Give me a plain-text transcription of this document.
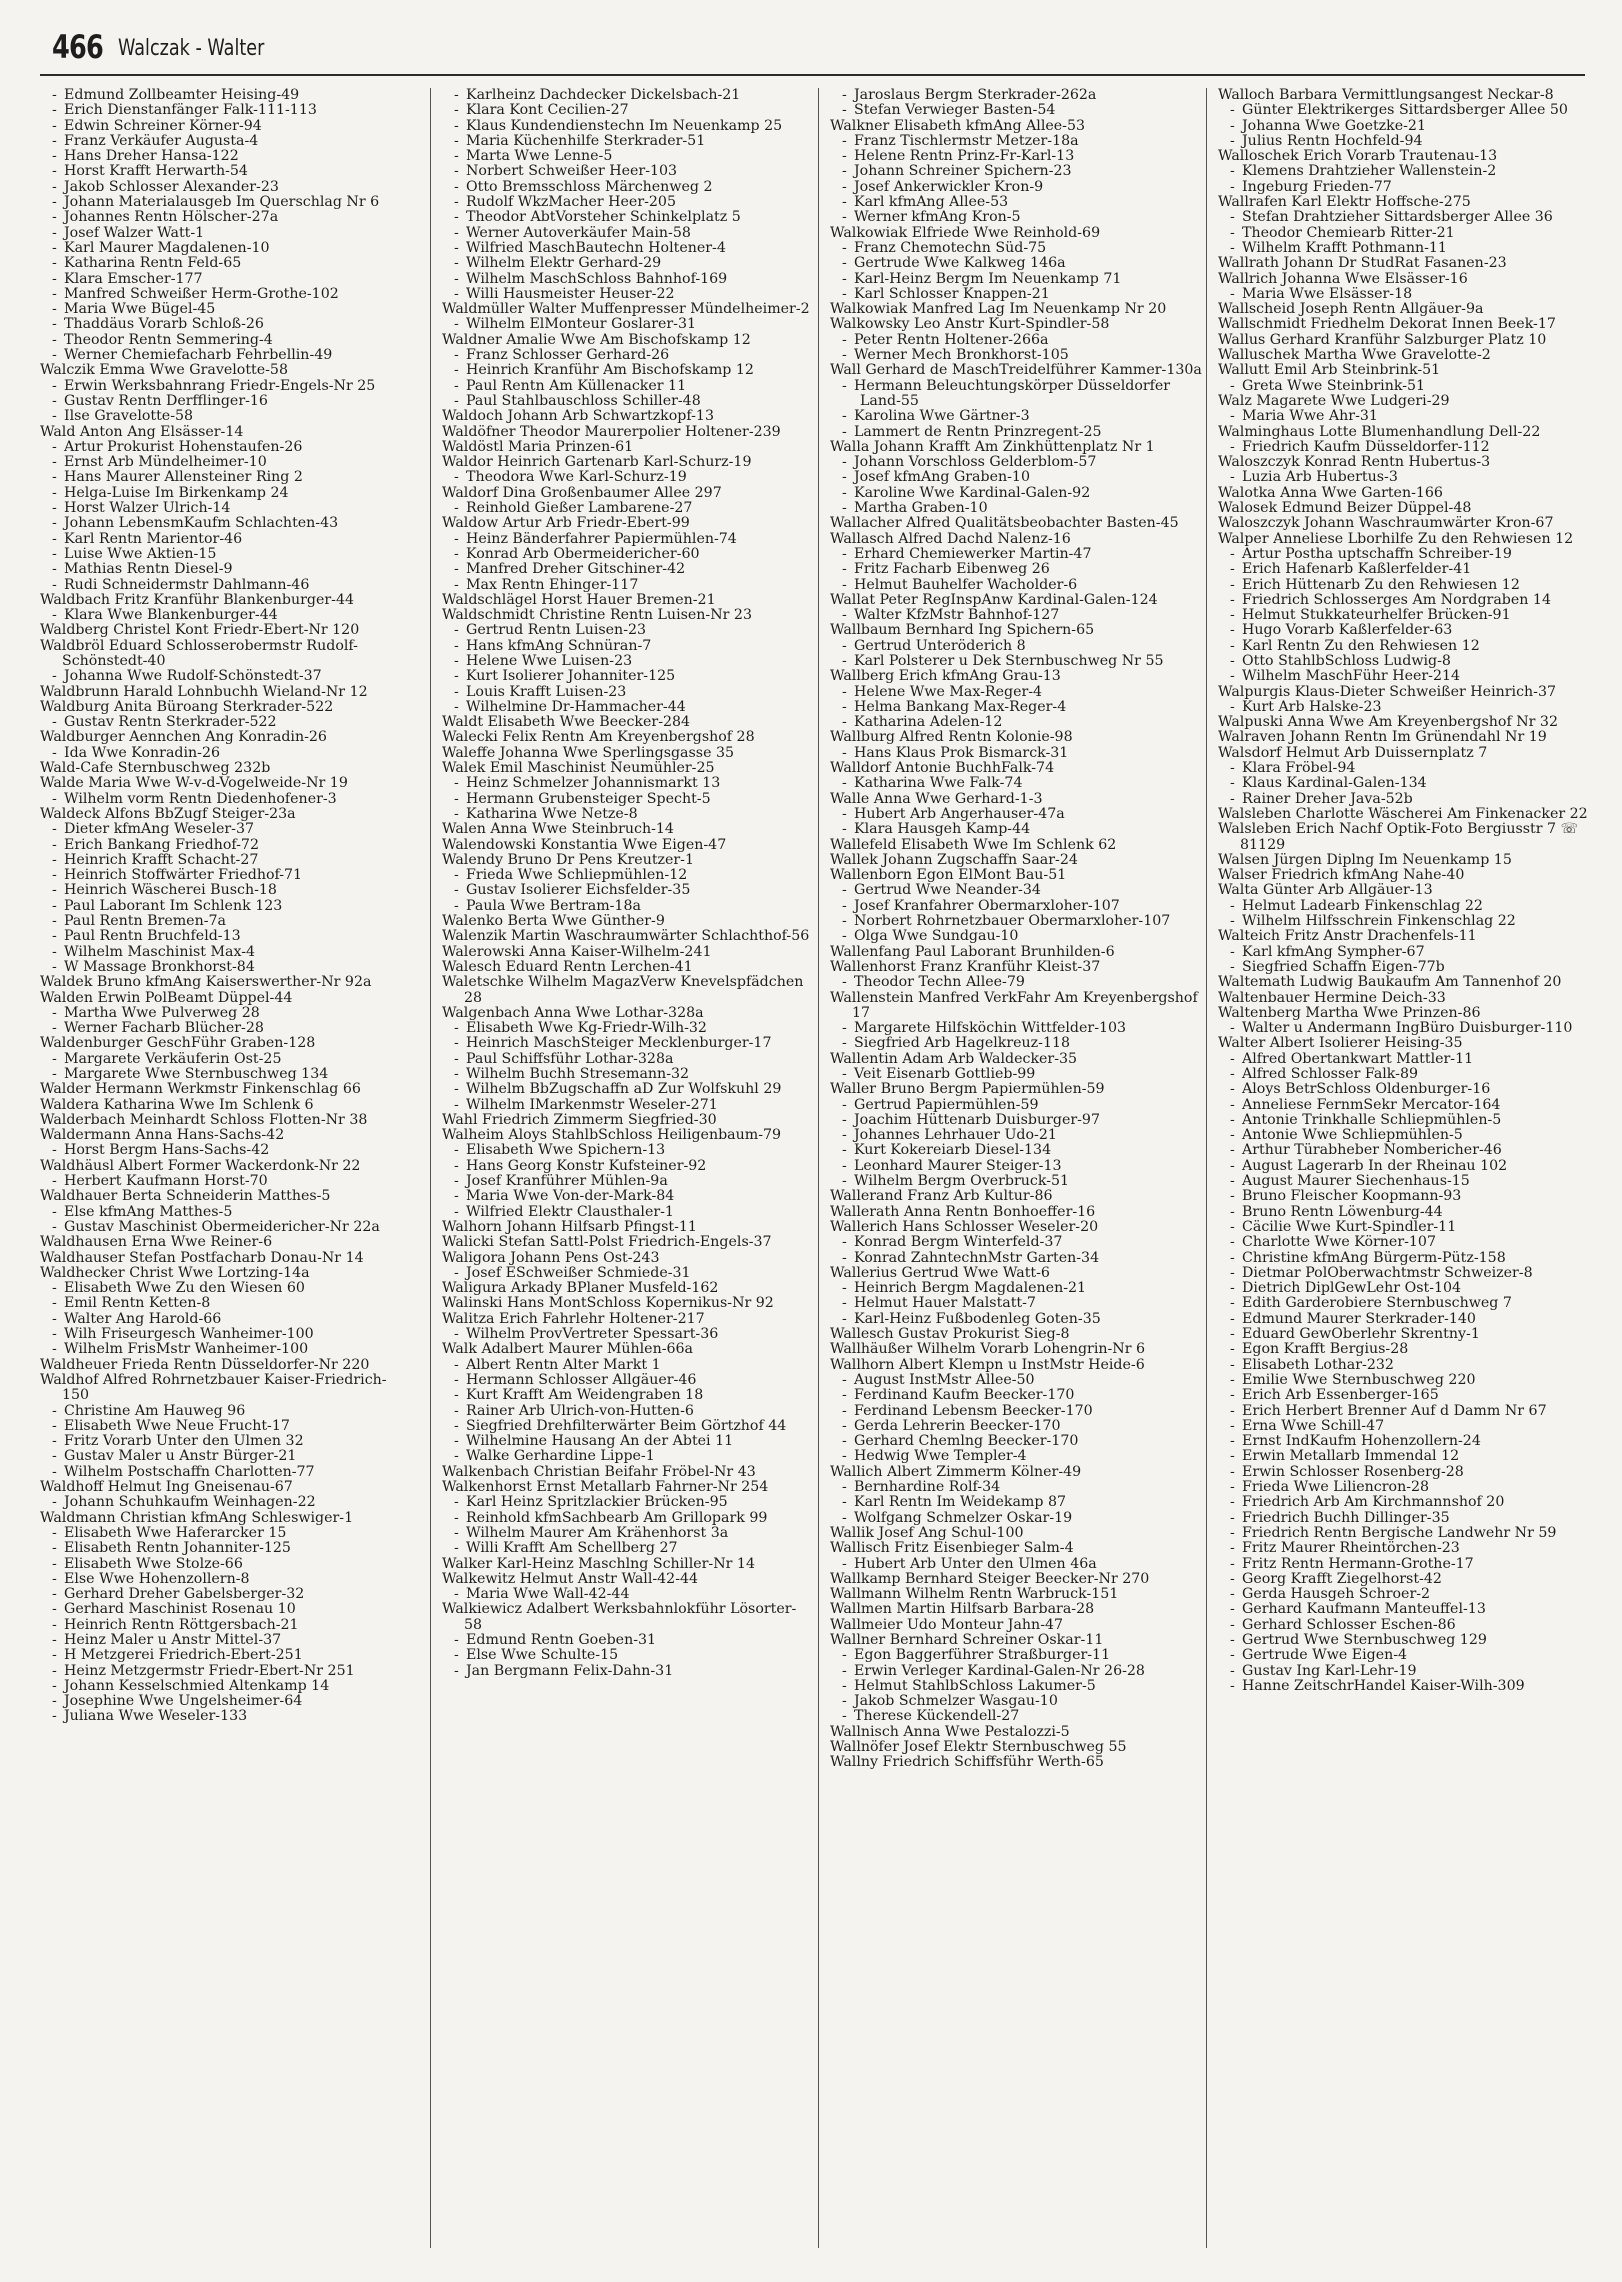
466 Walczak - Walter

- Edmund Zollbeamter Heising-49

- Erich Dienstanfänger Falk-111-113

- Edwin Schreiner Körner-94

- Franz Verkäufer Augusta-4

- Hans Dreher Hansa-122

- Horst Krafft Herwarth-54

- Jakob Schlosser Alexander-23

- Johann Materialausgeb Im Querschlag Nr 6

- Johannes Rentn Hölscher-27a

- Josef Walzer Watt-1

- Karl Maurer Magdalenen-10

- Katharina Rentn Feld-65

- Klara Emscher-177

- Manfred Schweißer Herm-Grothe-102

- Maria Wwe Bügel-45

- Thaddäus Vorarb Schloß-26

- Theodor Rentn Semmering-4

- Werner Chemiefacharb Fehrbellin-49

Walczik Emma Wwe Gravelotte-58

- Erwin Werksbahnrang Friedr-Engels-Nr 25

- Gustav Rentn Derfflinger-16

- Ilse Gravelotte-58

Wald Anton Ang Elsässer-14

- Artur Prokurist Hohenstaufen-26

- Ernst Arb Mündelheimer-10

- Hans Maurer Allensteiner Ring 2

- Helga-Luise Im Birkenkamp 24

- Horst Walzer Ulrich-14

- Johann LebensmKaufm Schlachten-43

- Karl Rentn Marientor-46

- Luise Wwe Aktien-15

- Mathias Rentn Diesel-9

- Rudi Schneidermstr Dahlmann-46

Waldbach Fritz Kranführ Blankenburger-44

- Klara Wwe Blankenburger-44

Waldberg Christel Kont Friedr-Ebert-Nr 120

Waldbröl Eduard Schlosserobermstr Rudolf-Schönstedt-40

- Johanna Wwe Rudolf-Schönstedt-37

Waldbrunn Harald Lohnbuchh Wieland-Nr 12

Waldburg Anita Büroang Sterkrader-522

- Gustav Rentn Sterkrader-522

Waldburger Aennchen Ang Konradin-26

- Ida Wwe Konradin-26

Wald-Cafe Sternbuschweg 232b

Walde Maria Wwe W-v-d-Vogelweide-Nr 19

- Wilhelm vorm Rentn Diedenhofener-3

Waldeck Alfons BbZugf Steiger-23a

- Dieter kfmAng Weseler-37

- Erich Bankang Friedhof-72

- Heinrich Krafft Schacht-27

- Heinrich Stoffwärter Friedhof-71

- Heinrich Wäscherei Busch-18

- Paul Laborant Im Schlenk 123

- Paul Rentn Bremen-7a

- Paul Rentn Bruchfeld-13

- Wilhelm Maschinist Max-4

- W Massage Bronkhorst-84

Waldek Bruno kfmAng Kaiserswerther-Nr 92a

Walden Erwin PolBeamt Düppel-44

- Martha Wwe Pulverweg 28

- Werner Facharb Blücher-28

Waldenburger GeschFühr Graben-128

- Margarete Verkäuferin Ost-25

- Margarete Wwe Sternbuschweg 134

Walder Hermann Werkmstr Finkenschlag 66

Waldera Katharina Wwe Im Schlenk 6

Walderbach Meinhardt Schloss Flotten-Nr 38

Waldermann Anna Hans-Sachs-42

- Horst Bergm Hans-Sachs-42

Waldhäusl Albert Former Wackerdonk-Nr 22

- Herbert Kaufmann Horst-70

Waldhauer Berta Schneiderin Matthes-5

- Else kfmAng Matthes-5

- Gustav Maschinist Obermeidericher-Nr 22a

Waldhausen Erna Wwe Reiner-6

Waldhauser Stefan Postfacharb Donau-Nr 14

Waldhecker Christ Wwe Lortzing-14a

- Elisabeth Wwe Zu den Wiesen 60

- Emil Rentn Ketten-8

- Walter Ang Harold-66

- Wilh Friseurgesch Wanheimer-100

- Wilhelm FrisMstr Wanheimer-100

Waldheuer Frieda Rentn Düsseldorfer-Nr 220

Waldhof Alfred Rohrnetzbauer Kaiser-Friedrich-150

- Christine Am Hauweg 96

- Elisabeth Wwe Neue Frucht-17

- Fritz Vorarb Unter den Ulmen 32

- Gustav Maler u Anstr Bürger-21

- Wilhelm Postschaffn Charlotten-77

Waldhoff Helmut Ing Gneisenau-67

- Johann Schuhkaufm Weinhagen-22

Waldmann Christian kfmAng Schleswiger-1

- Elisabeth Wwe Haferarcker 15

- Elisabeth Rentn Johanniter-125

- Elisabeth Wwe Stolze-66

- Else Wwe Hohenzollern-8

- Gerhard Dreher Gabelsberger-32

- Gerhard Maschinist Rosenau 10

- Heinrich Rentn Röttgersbach-21

- Heinz Maler u Anstr Mittel-37

- H Metzgerei Friedrich-Ebert-251

- Heinz Metzgermstr Friedr-Ebert-Nr 251

- Johann Kesselschmied Altenkamp 14

- Josephine Wwe Ungelsheimer-64

- Juliana Wwe Weseler-133

- Karlheinz Dachdecker Dickelsbach-21

- Klara Kont Cecilien-27

- Klaus Kundendienstechn Im Neuenkamp 25

- Maria Küchenhilfe Sterkrader-51

- Marta Wwe Lenne-5

- Norbert Schweißer Heer-103

- Otto Bremsschloss Märchenweg 2

- Rudolf WkzMacher Heer-205

- Theodor AbtVorsteher Schinkelplatz 5

- Werner Autoverkäufer Main-58

- Wilfried MaschBautechn Holtener-4

- Wilhelm Elektr Gerhard-29

- Wilhelm MaschSchloss Bahnhof-169

- Willi Hausmeister Heuser-22

Waldmüller Walter Muffenpresser Mündelheimer-2

- Wilhelm ElMonteur Goslarer-31

Waldner Amalie Wwe Am Bischofskamp 12

- Franz Schlosser Gerhard-26

- Heinrich Kranführ Am Bischofskamp 12

- Paul Rentn Am Küllenacker 11

- Paul Stahlbauschloss Schiller-48

Waldoch Johann Arb Schwartzkopf-13

Waldöfner Theodor Maurerpolier Holtener-239

Waldöstl Maria Prinzen-61

Waldor Heinrich Gartenarb Karl-Schurz-19

- Theodora Wwe Karl-Schurz-19

Waldorf Dina Großenbaumer Allee 297

- Reinhold Gießer Lambarene-27

Waldow Artur Arb Friedr-Ebert-99

- Heinz Bänderfahrer Papiermühlen-74

- Konrad Arb Obermeidericher-60

- Manfred Dreher Gitschiner-42

- Max Rentn Ehinger-117

Waldschlägel Horst Hauer Bremen-21

Waldschmidt Christine Rentn Luisen-Nr 23

- Gertrud Rentn Luisen-23

- Hans kfmAng Schnüran-7

- Helene Wwe Luisen-23

- Kurt Isolierer Johanniter-125

- Louis Krafft Luisen-23

- Wilhelmine Dr-Hammacher-44

Waldt Elisabeth Wwe Beecker-284

Walecki Felix Rentn Am Kreyenbergshof 28

Waleffe Johanna Wwe Sperlingsgasse 35

Walek Emil Maschinist Neumühler-25

- Heinz Schmelzer Johannismarkt 13

- Hermann Grubensteiger Specht-5

- Katharina Wwe Netze-8

Walen Anna Wwe Steinbruch-14

Walendowski Konstantia Wwe Eigen-47

Walendy Bruno Dr Pens Kreutzer-1

- Frieda Wwe Schliepmühlen-12

- Gustav Isolierer Eichsfelder-35

- Paula Wwe Bertram-18a

Walenko Berta Wwe Günther-9

Walenzik Martin Waschraumwärter Schlachthof-56

Walerowski Anna Kaiser-Wilhelm-241

Walesch Eduard Rentn Lerchen-41

Waletschke Wilhelm MagazVerw Knevelspfädchen 28

Walgenbach Anna Wwe Lothar-328a

- Elisabeth Wwe Kg-Friedr-Wilh-32

- Heinrich MaschSteiger Mecklenburger-17

- Paul Schiffsführ Lothar-328a

- Wilhelm Buchh Stresemann-32

- Wilhelm BbZugschaffn aD Zur Wolfskuhl 29

- Wilhelm IMarkenmstr Weseler-271

Wahl Friedrich Zimmerm Siegfried-30

Walheim Aloys StahlbSchloss Heiligenbaum-79

- Elisabeth Wwe Spichern-13

- Hans Georg Konstr Kufsteiner-92

- Josef Kranführer Mühlen-9a

- Maria Wwe Von-der-Mark-84

- Wilfried Elektr Clausthaler-1

Walhorn Johann Hilfsarb Pfingst-11

Walicki Stefan Sattl-Polst Friedrich-Engels-37

Waligora Johann Pens Ost-243

- Josef ESchweißer Schmiede-31

Waligura Arkady BPlaner Musfeld-162

Walinski Hans MontSchloss Kopernikus-Nr 92

Walitza Erich Fahrlehr Holtener-217

- Wilhelm ProvVertreter Spessart-36

Walk Adalbert Maurer Mühlen-66a

- Albert Rentn Alter Markt 1

- Hermann Schlosser Allgäuer-46

- Kurt Krafft Am Weidengraben 18

- Rainer Arb Ulrich-von-Hutten-6

- Siegfried Drehfilterwärter Beim Görtzhof 44

- Wilhelmine Hausang An der Abtei 11

- Walke Gerhardine Lippe-1

Walkenbach Christian Beifahr Fröbel-Nr 43

Walkenhorst Ernst Metallarb Fahrner-Nr 254

- Karl Heinz Spritzlackier Brücken-95

- Reinhold kfmSachbearb Am Grillopark 99

- Wilhelm Maurer Am Krähenhorst 3a

- Willi Krafft Am Schellberg 27

Walker Karl-Heinz Maschlng Schiller-Nr 14

Walkewitz Helmut Anstr Wall-42-44

- Maria Wwe Wall-42-44

Walkiewicz Adalbert Werksbahnlokführ Lösorter-58

- Edmund Rentn Goeben-31

- Else Wwe Schulte-15

- Jan Bergmann Felix-Dahn-31

- Jaroslaus Bergm Sterkrader-262a

- Stefan Verwieger Basten-54

Walkner Elisabeth kfmAng Allee-53

- Franz Tischlermstr Metzer-18a

- Helene Rentn Prinz-Fr-Karl-13

- Johann Schreiner Spichern-23

- Josef Ankerwickler Kron-9

- Karl kfmAng Allee-53

- Werner kfmAng Kron-5

Walkowiak Elfriede Wwe Reinhold-69

- Franz Chemotechn Süd-75

- Gertrude Wwe Kalkweg 146a

- Karl-Heinz Bergm Im Neuenkamp 71

- Karl Schlosser Knappen-21

Walkowiak Manfred Lag Im Neuenkamp Nr 20

Walkowsky Leo Anstr Kurt-Spindler-58

- Peter Rentn Holtener-266a

- Werner Mech Bronkhorst-105

Wall Gerhard de MaschTreidelführer Kammer-130a

- Hermann Beleuchtungskörper Düsseldorfer Land-55

- Karolina Wwe Gärtner-3

- Lammert de Rentn Prinzregent-25

Walla Johann Krafft Am Zinkhüttenplatz Nr 1

- Johann Vorschloss Gelderblom-57

- Josef kfmAng Graben-10

- Karoline Wwe Kardinal-Galen-92

- Martha Graben-10

Wallacher Alfred Qualitätsbeobachter Basten-45

Wallasch Alfred Dachd Nalenz-16

- Erhard Chemiewerker Martin-47

- Fritz Facharb Eibenweg 26

- Helmut Bauhelfer Wacholder-6

Wallat Peter RegInspAnw Kardinal-Galen-124

- Walter KfzMstr Bahnhof-127

Wallbaum Bernhard Ing Spichern-65

- Gertrud Unteröderich 8

- Karl Polsterer u Dek Sternbuschweg Nr 55

Wallberg Erich kfmAng Grau-13

- Helene Wwe Max-Reger-4

- Helma Bankang Max-Reger-4

- Katharina Adelen-12

Wallburg Alfred Rentn Kolonie-98

- Hans Klaus Prok Bismarck-31

Walldorf Antonie BuchhFalk-74

- Katharina Wwe Falk-74

Walle Anna Wwe Gerhard-1-3

- Hubert Arb Angerhauser-47a

- Klara Hausgeh Kamp-44

Wallefeld Elisabeth Wwe Im Schlenk 62

Wallek Johann Zugschaffn Saar-24

Wallenborn Egon ElMont Bau-51

- Gertrud Wwe Neander-34

- Josef Kranfahrer Obermarxloher-107

- Norbert Rohrnetzbauer Obermarxloher-107

- Olga Wwe Sundgau-10

Wallenfang Paul Laborant Brunhilden-6

Wallenhorst Franz Kranführ Kleist-37

- Theodor Techn Allee-79

Wallenstein Manfred VerkFahr Am Kreyenbergshof 17

- Margarete Hilfsköchin Wittfelder-103

- Siegfried Arb Hagelkreuz-118

Wallentin Adam Arb Waldecker-35

- Veit Eisenarb Gottlieb-99

Waller Bruno Bergm Papiermühlen-59

- Gertrud Papiermühlen-59

- Joachim Hüttenarb Duisburger-97

- Johannes Lehrhauer Udo-21

- Kurt Kokereiarb Diesel-134

- Leonhard Maurer Steiger-13

- Wilhelm Bergm Overbruck-51

Wallerand Franz Arb Kultur-86

Wallerath Anna Rentn Bonhoeffer-16

Wallerich Hans Schlosser Weseler-20

- Konrad Bergm Winterfeld-37

- Konrad ZahntechnMstr Garten-34

Wallerius Gertrud Wwe Watt-6

- Heinrich Bergm Magdalenen-21

- Helmut Hauer Malstatt-7

- Karl-Heinz Fußbodenleg Goten-35

Wallesch Gustav Prokurist Sieg-8

Wallhäußer Wilhelm Vorarb Lohengrin-Nr 6

Wallhorn Albert Klempn u InstMstr Heide-6

- August InstMstr Allee-50

- Ferdinand Kaufm Beecker-170

- Ferdinand Lebensm Beecker-170

- Gerda Lehrerin Beecker-170

- Gerhard Chemlng Beecker-170

- Hedwig Wwe Templer-4

Wallich Albert Zimmerm Kölner-49

- Bernhardine Rolf-34

- Karl Rentn Im Weidekamp 87

- Wolfgang Schmelzer Oskar-19

Wallik Josef Ang Schul-100

Wallisch Fritz Eisenbieger Salm-4

- Hubert Arb Unter den Ulmen 46a

Wallkamp Bernhard Steiger Beecker-Nr 270

Wallmann Wilhelm Rentn Warbruck-151

Wallmen Martin Hilfsarb Barbara-28

Wallmeier Udo Monteur Jahn-47

Wallner Bernhard Schreiner Oskar-11

- Egon Baggerführer Straßburger-11

- Erwin Verleger Kardinal-Galen-Nr 26-28

- Helmut StahlbSchloss Lakumer-5

- Jakob Schmelzer Wasgau-10

- Therese Kückendell-27

Wallnisch Anna Wwe Pestalozzi-5

Wallnöfer Josef Elektr Sternbuschweg 55

Wallny Friedrich Schiffsführ Werth-65

Walloch Barbara Vermittlungsangest Neckar-8

- Günter Elektrikerges Sittardsberger Allee 50

- Johanna Wwe Goetzke-21

- Julius Rentn Hochfeld-94

Walloschek Erich Vorarb Trautenau-13

- Klemens Drahtzieher Wallenstein-2

- Ingeburg Frieden-77

Wallrafen Karl Elektr Hoffsche-275

- Stefan Drahtzieher Sittardsberger Allee 36

- Theodor Chemiearb Ritter-21

- Wilhelm Krafft Pothmann-11

Wallrath Johann Dr StudRat Fasanen-23

Wallrich Johanna Wwe Elsässer-16

- Maria Wwe Elsässer-18

Wallscheid Joseph Rentn Allgäuer-9a

Wallschmidt Friedhelm Dekorat Innen Beek-17

Wallus Gerhard Kranführ Salzburger Platz 10

Walluschek Martha Wwe Gravelotte-2

Wallutt Emil Arb Steinbrink-51

- Greta Wwe Steinbrink-51

Walz Magarete Wwe Ludgeri-29

- Maria Wwe Ahr-31

Walminghaus Lotte Blumenhandlung Dell-22

- Friedrich Kaufm Düsseldorfer-112

Waloszczyk Konrad Rentn Hubertus-3

- Luzia Arb Hubertus-3

Walotka Anna Wwe Garten-166

Walosek Edmund Beizer Düppel-48

Waloszczyk Johann Waschraumwärter Kron-67

Walper Anneliese Lborhilfe Zu den Rehwiesen 12

- Artur Postha uptschaffn Schreiber-19

- Erich Hafenarb Kaßlerfelder-41

- Erich Hüttenarb Zu den Rehwiesen 12

- Friedrich Schlosserges Am Nordgraben 14

- Helmut Stukkateurhelfer Brücken-91

- Hugo Vorarb Kaßlerfelder-63

- Karl Rentn Zu den Rehwiesen 12

- Otto StahlbSchloss Ludwig-8

- Wilhelm MaschFühr Heer-214

Walpurgis Klaus-Dieter Schweißer Heinrich-37

- Kurt Arb Halske-23

Walpuski Anna Wwe Am Kreyenbergshof Nr 32

Walraven Johann Rentn Im Grünendahl Nr 19

Walsdorf Helmut Arb Duissernplatz 7

- Klara Fröbel-94

- Klaus Kardinal-Galen-134

- Rainer Dreher Java-52b

Walsleben Charlotte Wäscherei Am Finkenacker 22

Walsleben Erich Nachf Optik-Foto Bergiusstr 7 ☏ 81129

Walsen Jürgen Diplng Im Neuenkamp 15

Walser Friedrich kfmAng Nahe-40

Walta Günter Arb Allgäuer-13

- Helmut Ladearb Finkenschlag 22

- Wilhelm Hilfsschrein Finkenschlag 22

Walteich Fritz Anstr Drachenfels-11

- Karl kfmAng Sympher-67

- Siegfried Schaffn Eigen-77b

Waltemath Ludwig Baukaufm Am Tannenhof 20

Waltenbauer Hermine Deich-33

Waltenberg Martha Wwe Prinzen-86

- Walter u Andermann IngBüro Duisburger-110

Walter Albert Isolierer Heising-35

- Alfred Obertankwart Mattler-11

- Alfred Schlosser Falk-89

- Aloys BetrSchloss Oldenburger-16

- Anneliese FernmSekr Mercator-164

- Antonie Trinkhalle Schliepmühlen-5

- Antonie Wwe Schliepmühlen-5

- Arthur Türabheber Nombericher-46

- August Lagerarb In der Rheinau 102

- August Maurer Siechenhaus-15

- Bruno Fleischer Koopmann-93

- Bruno Rentn Löwenburg-44

- Cäcilie Wwe Kurt-Spindler-11

- Charlotte Wwe Körner-107

- Christine kfmAng Bürgerm-Pütz-158

- Dietmar PolOberwachtmstr Schweizer-8

- Dietrich DiplGewLehr Ost-104

- Edith Garderobiere Sternbuschweg 7

- Edmund Maurer Sterkrader-140

- Eduard GewOberlehr Skrentny-1

- Egon Krafft Bergius-28

- Elisabeth Lothar-232

- Emilie Wwe Sternbuschweg 220

- Erich Arb Essenberger-165

- Erich Herbert Brenner Auf d Damm Nr 67

- Erna Wwe Schill-47

- Ernst IndKaufm Hohenzollern-24

- Erwin Metallarb Immendal 12

- Erwin Schlosser Rosenberg-28

- Frieda Wwe Liliencron-28

- Friedrich Arb Am Kirchmannshof 20

- Friedrich Buchh Dillinger-35

- Friedrich Rentn Bergische Landwehr Nr 59

- Fritz Maurer Rheintörchen-23

- Fritz Rentn Hermann-Grothe-17

- Georg Krafft Ziegelhorst-42

- Gerda Hausgeh Schroer-2

- Gerhard Kaufmann Manteuffel-13

- Gerhard Schlosser Eschen-86

- Gertrud Wwe Sternbuschweg 129

- Gertrude Wwe Eigen-4

- Gustav Ing Karl-Lehr-19

- Hanne ZeitschrHandel Kaiser-Wilh-309
